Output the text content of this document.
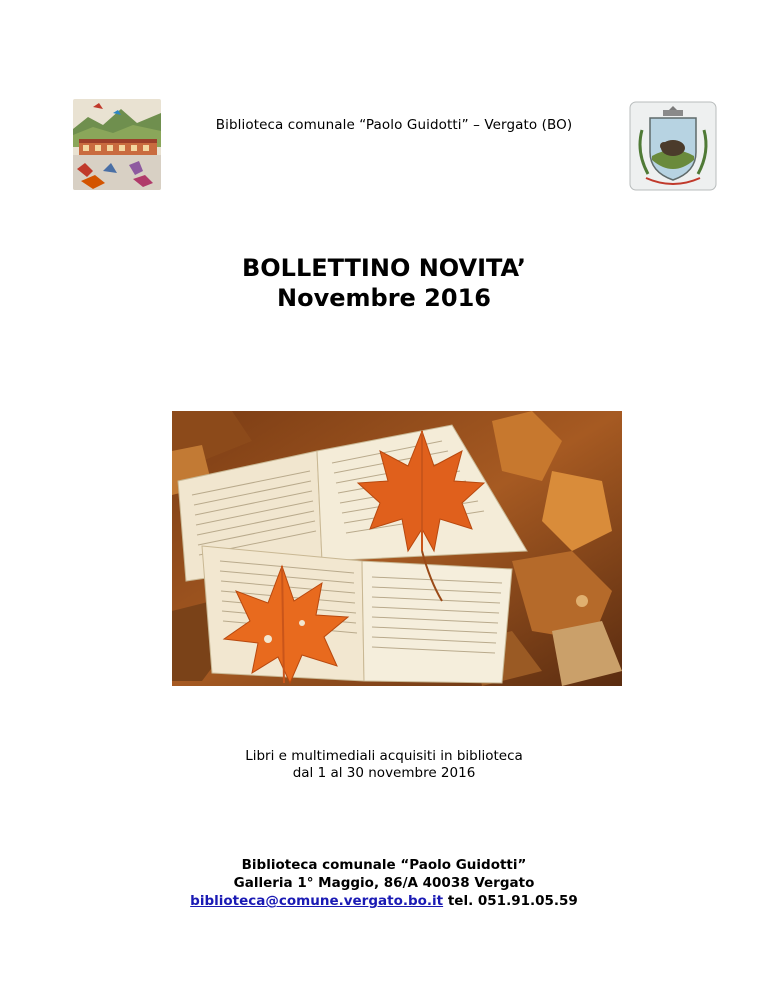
Biblioteca comunale “Paolo Guidotti” – Vergato (BO)
BOLLETTINO NOVITA’
Novembre 2016
Libri e multimediali acquisiti in biblioteca
dal 1 al 30 novembre 2016
Biblioteca comunale “Paolo Guidotti”
Galleria 1° Maggio, 86/A 40038 Vergato
biblioteca@comune.vergato.bo.it tel. 051.91.05.59
